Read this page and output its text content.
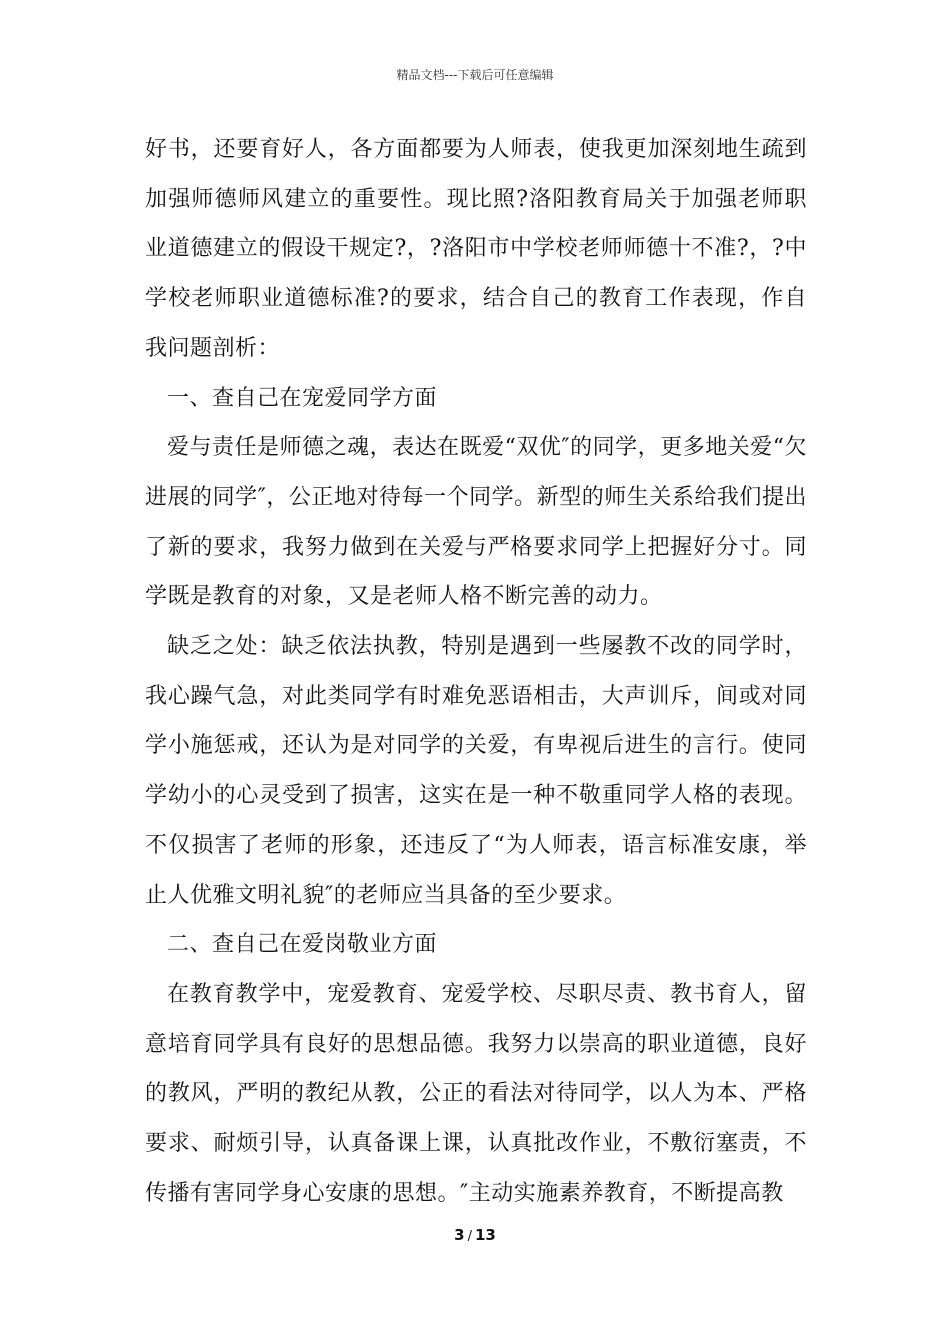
精品文档---下载后可任意编辑

好书，还要育好人，各方面都要为人师表，使我更加深刻地生疏到加强师德师风建立的重要性。现比照?洛阳教育局关于加强老师职业道德建立的假设干规定?，?洛阳市中学校老师师德十不准?，?中学校老师职业道德标准?的要求，结合自己的教育工作表现，作自我问题剖析：

一、查自己在宠爱同学方面

爱与责任是师德之魂，表达在既爱“双优″的同学，更多地关爱“欠进展的同学″，公正地对待每一个同学。新型的师生关系给我们提出了新的要求，我努力做到在关爱与严格要求同学上把握好分寸。同学既是教育的对象，又是老师人格不断完善的动力。

缺乏之处：缺乏依法执教，特别是遇到一些屡教不改的同学时，我心躁气急，对此类同学有时难免恶语相击，大声训斥，间或对同学小施惩戒，还认为是对同学的关爱，有卑视后进生的言行。使同学幼小的心灵受到了损害，这实在是一种不敬重同学人格的表现。不仅损害了老师的形象，还违反了“为人师表，语言标准安康，举止人优雅文明礼貌″的老师应当具备的至少要求。

二、查自己在爱岗敬业方面

在教育教学中，宠爱教育、宠爱学校、尽职尽责、教书育人，留意培育同学具有良好的思想品德。我努力以崇高的职业道德，良好的教风，严明的教纪从教，公正的看法对待同学，以人为本、严格要求、耐烦引导，认真备课上课，认真批改作业，不敷衍塞责，不传播有害同学身心安康的思想。″主动实施素养教育，不断提高教

3 / 13
